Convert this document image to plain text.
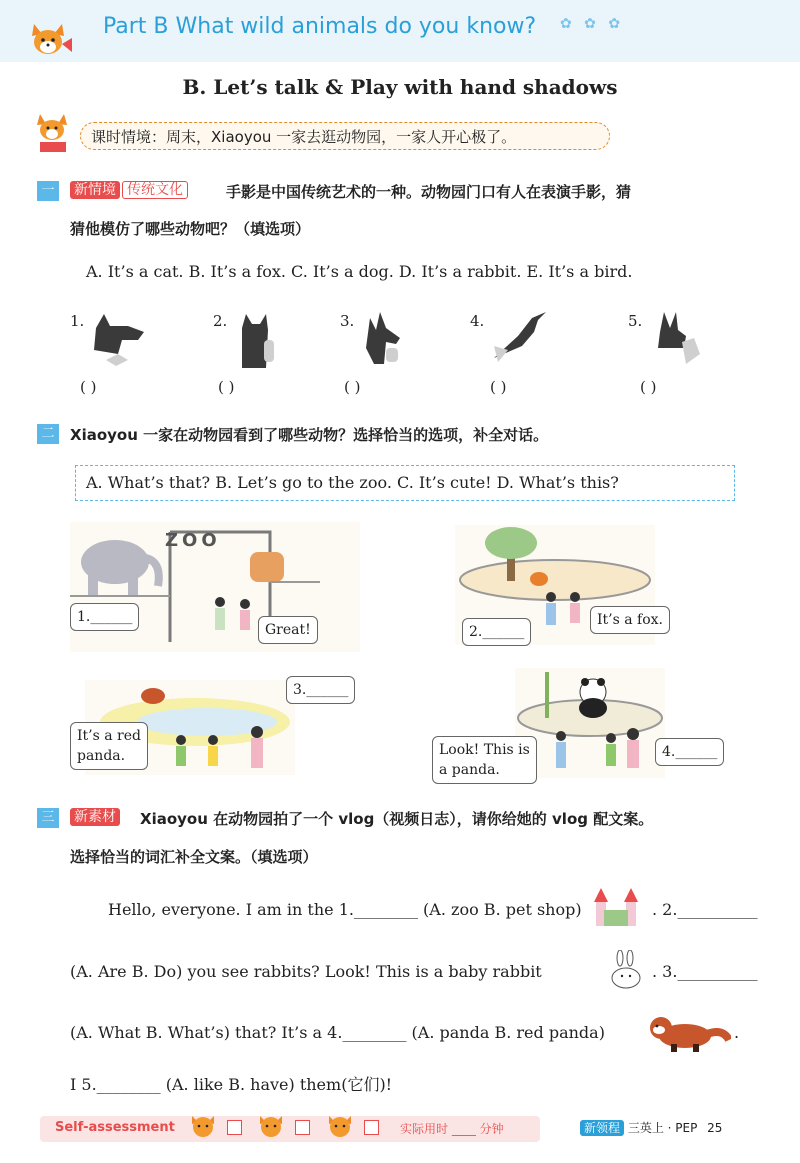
Part B What wild animals do you know? ✿ ✿ ✿
B. Let’s talk & Play with hand shadows
课时情境：周末，Xiaoyou 一家去逛动物园，一家人开心极了。
一	新情境 传统文化	手影是中国传统艺术的一种。动物园门口有人在表演手影，猜
猜他模仿了哪些动物吧？（填选项）
A. It’s a cat. B. It’s a fox. C. It’s a dog. D. It’s a rabbit. E. It’s a bird.
1.
( )
2.
( )
3.
( )
4.
( )
5.
( )
二	Xiaoyou 一家在动物园看到了哪些动物？选择恰当的选项，补全对话。
A. What’s that? B. Let’s go to the zoo. C. It’s cute! D. What’s this?
ZOO
1.______
Great!	2.______
It’s a fox.
3.______
It’s a red
panda.	Look! This is
a panda.
4.______
三	新素材 Xiaoyou 在动物园拍了一个 vlog（视频日志），请你给她的 vlog 配文案。
选择恰当的词汇补全文案。（填选项）
Hello, everyone. I am in the 1.________ (A. zoo B. pet shop)	. 2.__________
(A. Are B. Do) you see rabbits? Look! This is a baby rabbit	. 3.__________
(A. What B. What’s) that? It’s a 4.________ (A. panda B. red panda)	.
I 5.________ (A. like B. have) them(它们)!
Self-assessment	实际用时 ____ 分钟	新领程 三英上 · PEP 25
